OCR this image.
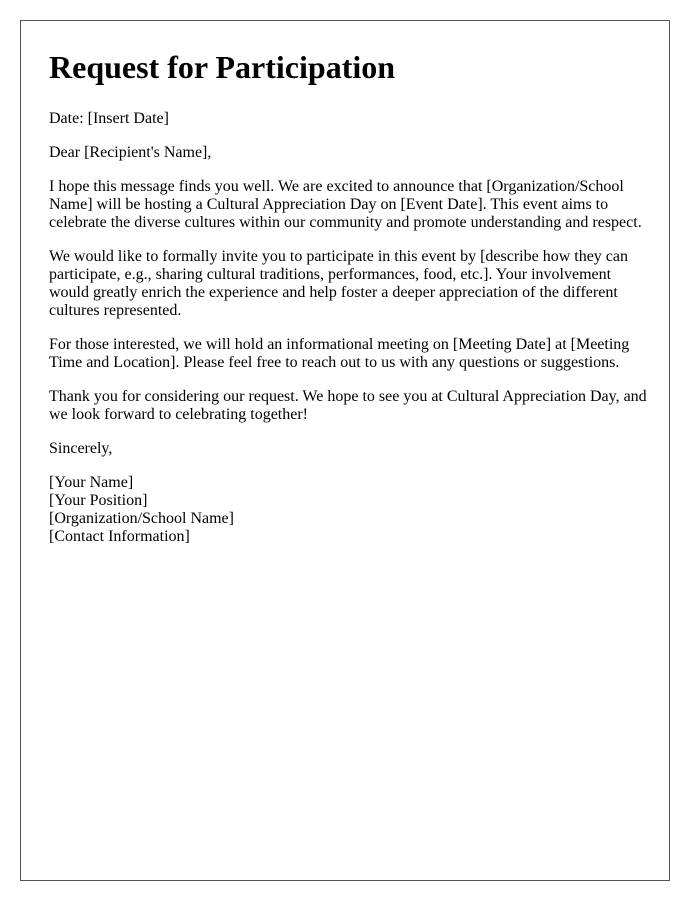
Request for Participation

Date: [Insert Date]

Dear [Recipient's Name],

I hope this message finds you well. We are excited to announce that [Organization/School Name] will be hosting a Cultural Appreciation Day on [Event Date]. This event aims to celebrate the diverse cultures within our community and promote understanding and respect.

We would like to formally invite you to participate in this event by [describe how they can participate, e.g., sharing cultural traditions, performances, food, etc.]. Your involvement would greatly enrich the experience and help foster a deeper appreciation of the different cultures represented.

For those interested, we will hold an informational meeting on [Meeting Date] at [Meeting Time and Location]. Please feel free to reach out to us with any questions or suggestions.

Thank you for considering our request. We hope to see you at Cultural Appreciation Day, and we look forward to celebrating together!

Sincerely,

[Your Name]
[Your Position]
[Organization/School Name]
[Contact Information]
